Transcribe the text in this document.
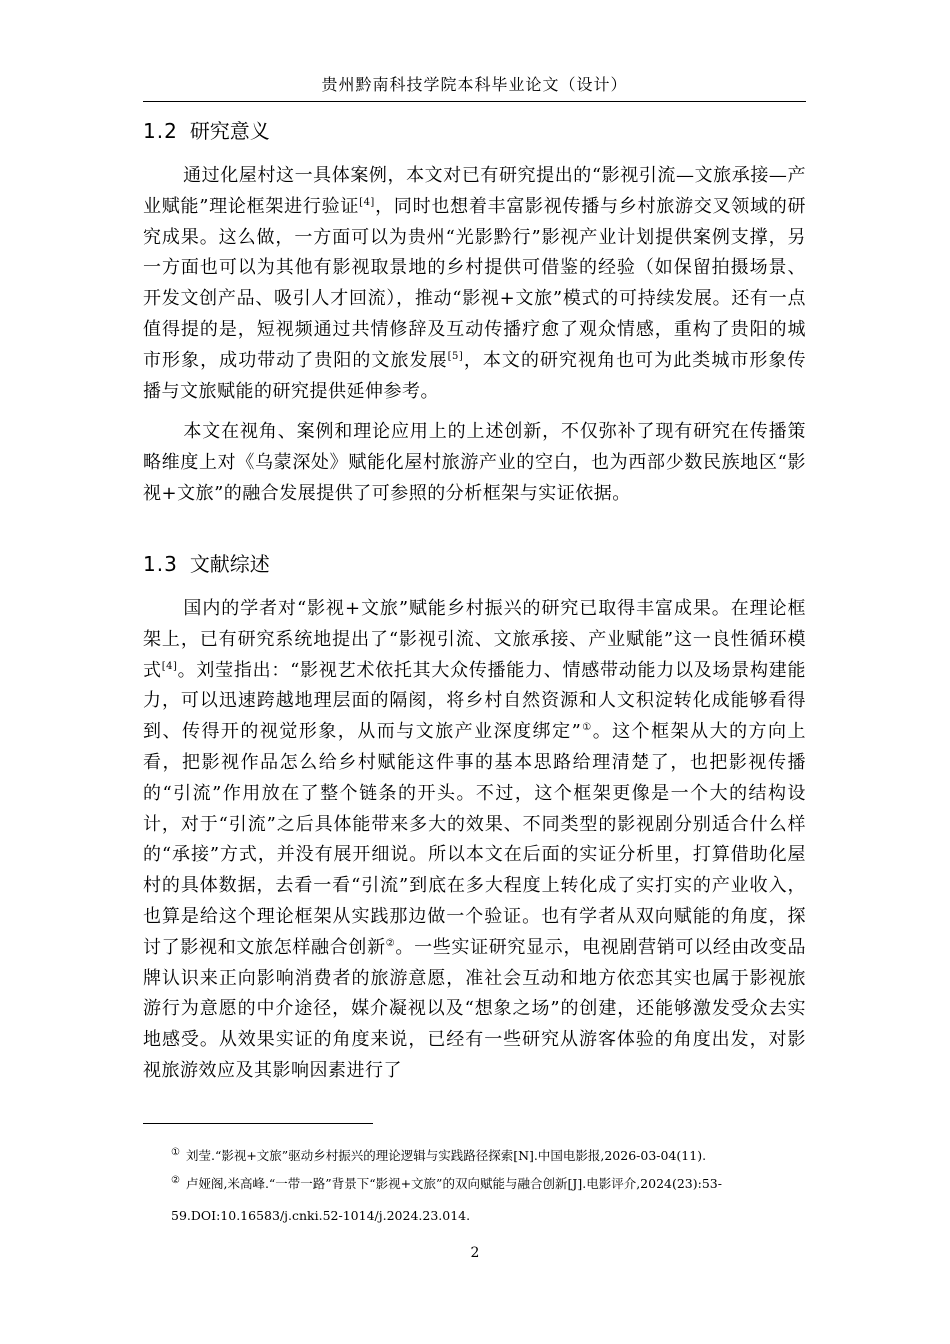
贵州黔南科技学院本科毕业论文（设计）
1.2 研究意义
通过化屋村这一具体案例，本文对已有研究提出的“影视引流—文旅承接—产业赋能”理论框架进行验证[4]，同时也想着丰富影视传播与乡村旅游交叉领域的研究成果。这么做，一方面可以为贵州“光影黔行”影视产业计划提供案例支撑，另一方面也可以为其他有影视取景地的乡村提供可借鉴的经验（如保留拍摄场景、开发文创产品、吸引人才回流），推动“影视+文旅”模式的可持续发展。还有一点值得提的是，短视频通过共情修辞及互动传播疗愈了观众情感，重构了贵阳的城市形象，成功带动了贵阳的文旅发展[5]，本文的研究视角也可为此类城市形象传播与文旅赋能的研究提供延伸参考。
本文在视角、案例和理论应用上的上述创新，不仅弥补了现有研究在传播策略维度上对《乌蒙深处》赋能化屋村旅游产业的空白，也为西部少数民族地区“影视+文旅”的融合发展提供了可参照的分析框架与实证依据。
1.3 文献综述
国内的学者对“影视+文旅”赋能乡村振兴的研究已取得丰富成果。在理论框架上，已有研究系统地提出了“影视引流、文旅承接、产业赋能”这一良性循环模式[4]。刘莹指出：“影视艺术依托其大众传播能力、情感带动能力以及场景构建能力，可以迅速跨越地理层面的隔阂，将乡村自然资源和人文积淀转化成能够看得到、传得开的视觉形象，从而与文旅产业深度绑定”①。这个框架从大的方向上看，把影视作品怎么给乡村赋能这件事的基本思路给理清楚了，也把影视传播的“引流”作用放在了整个链条的开头。不过，这个框架更像是一个大的结构设计，对于“引流”之后具体能带来多大的效果、不同类型的影视剧分别适合什么样的“承接”方式，并没有展开细说。所以本文在后面的实证分析里，打算借助化屋村的具体数据，去看一看“引流”到底在多大程度上转化成了实打实的产业收入，也算是给这个理论框架从实践那边做一个验证。也有学者从双向赋能的角度，探讨了影视和文旅怎样融合创新②。一些实证研究显示，电视剧营销可以经由改变品牌认识来正向影响消费者的旅游意愿，准社会互动和地方依恋其实也属于影视旅游行为意愿的中介途径，媒介凝视以及“想象之场”的创建，还能够激发受众去实地感受。从效果实证的角度来说，已经有一些研究从游客体验的角度出发，对影视旅游效应及其影响因素进行了
① 刘莹.“影视+文旅”驱动乡村振兴的理论逻辑与实践路径探索[N].中国电影报,2026-03-04(11).
② 卢娅阁,米高峰.“一带一路”背景下“影视+文旅”的双向赋能与融合创新[J].电影评介,2024(23):53-59.DOI:10.16583/j.cnki.52-1014/j.2024.23.014.
2
